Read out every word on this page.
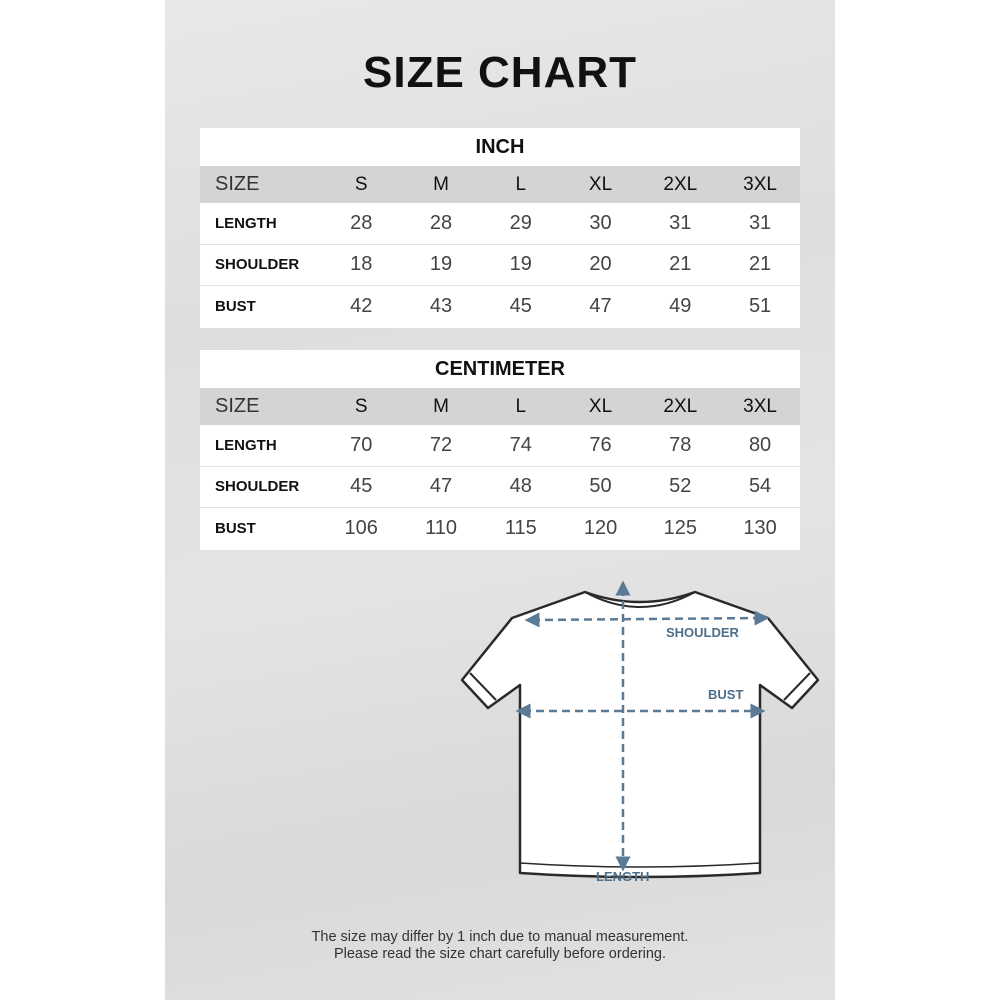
SIZE CHART
INCH
SIZE	S	M	L	XL	2XL	3XL
LENGTH	28	28	29	30	31	31
SHOULDER	18	19	19	20	21	21
BUST	42	43	45	47	49	51
CENTIMETER
SIZE	S	M	L	XL	2XL	3XL
LENGTH	70	72	74	76	78	80
SHOULDER	45	47	48	50	52	54
BUST	106	110	115	120	125	130
SHOULDER
BUST
LENGTH
The size may differ by 1 inch due to manual measurement.
Please read the size chart carefully before ordering.
